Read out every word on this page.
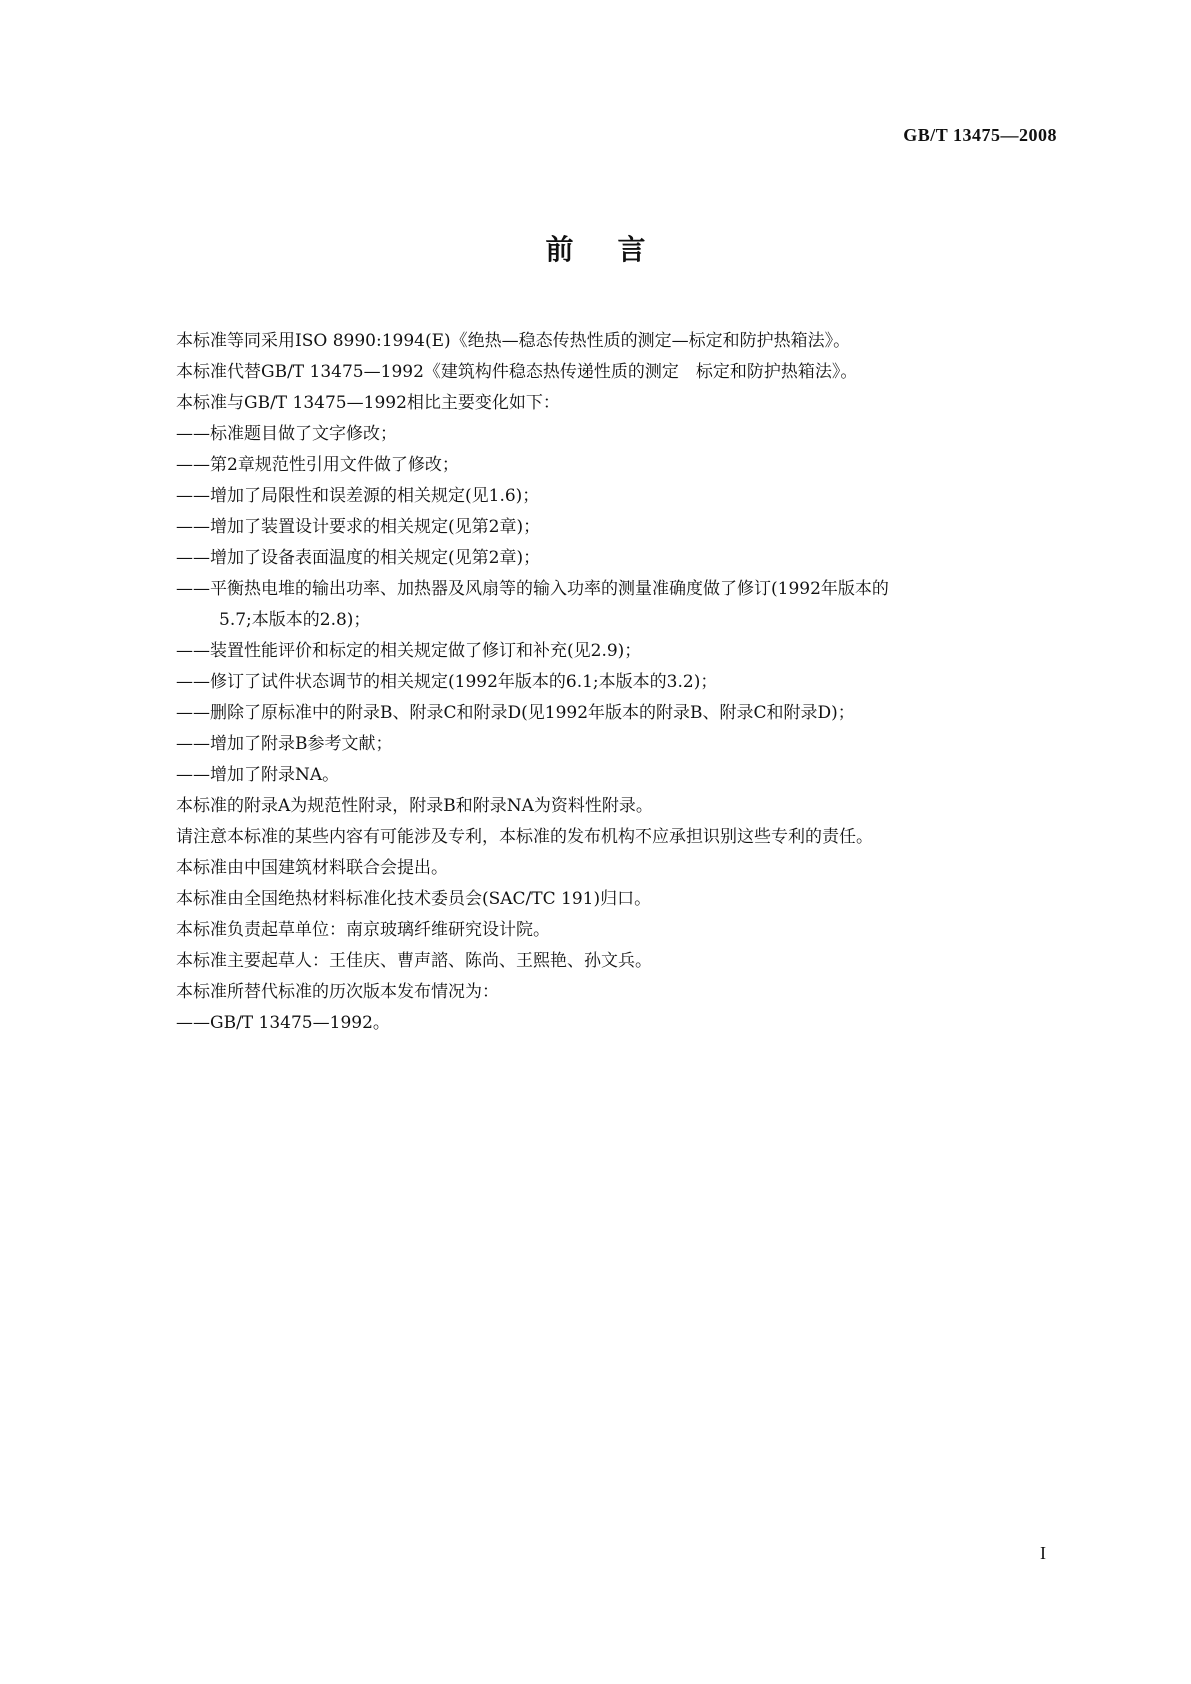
GB/T 13475—2008
前言
本标准等同采用ISO 8990:1994(E)《绝热—稳态传热性质的测定—标定和防护热箱法》。
本标准代替GB/T 13475—1992《建筑构件稳态热传递性质的测定　标定和防护热箱法》。
本标准与GB/T 13475—1992相比主要变化如下：
——标准题目做了文字修改；
——第2章规范性引用文件做了修改；
——增加了局限性和误差源的相关规定(见1.6)；
——增加了装置设计要求的相关规定(见第2章)；
——增加了设备表面温度的相关规定(见第2章)；
——平衡热电堆的输出功率、加热器及风扇等的输入功率的测量准确度做了修订(1992年版本的
5.7;本版本的2.8)；
——装置性能评价和标定的相关规定做了修订和补充(见2.9)；
——修订了试件状态调节的相关规定(1992年版本的6.1;本版本的3.2)；
——删除了原标准中的附录B、附录C和附录D(见1992年版本的附录B、附录C和附录D)；
——增加了附录B参考文献；
——增加了附录NA。
本标准的附录A为规范性附录，附录B和附录NA为资料性附录。
请注意本标准的某些内容有可能涉及专利，本标准的发布机构不应承担识别这些专利的责任。
本标准由中国建筑材料联合会提出。
本标准由全国绝热材料标准化技术委员会(SAC/TC 191)归口。
本标准负责起草单位：南京玻璃纤维研究设计院。
本标准主要起草人：王佳庆、曹声諮、陈尚、王熙艳、孙文兵。
本标准所替代标准的历次版本发布情况为：
——GB/T 13475—1992。
I
